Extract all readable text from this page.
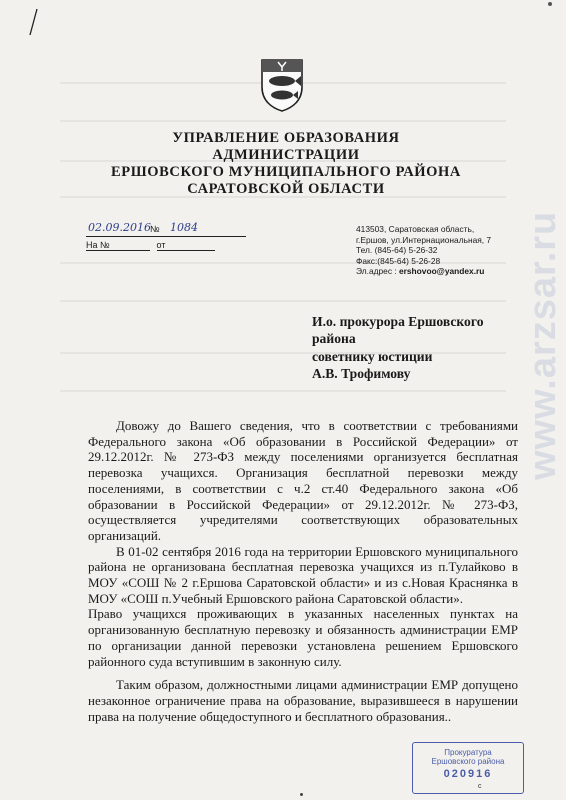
УПРАВЛЕНИЕ ОБРАЗОВАНИЯ
АДМИНИСТРАЦИИ
ЕРШОВСКОГО МУНИЦИПАЛЬНОГО РАЙОНА
САРАТОВСКОЙ ОБЛАСТИ
02.09.2016 № 1084
На №	от
413503, Саратовская область,
г.Ершов, ул.Интернациональная, 7
Тел. (845-64) 5-26-32
Факс:(845-64) 5-26-28
Эл.адрес : ershovoo@yandex.ru
И.о. прокурора Ершовского
района
советнику юстиции
А.В. Трофимову

Довожу до Вашего сведения, что в соответствии с требованиями Федерального закона «Об образовании в Российской Федерации» от 29.12.2012г. № 273-ФЗ между поселениями организуется бесплатная перевозка учащихся. Организация бесплатной перевозки между поселениями, в соответствии с ч.2 ст.40 Федерального закона «Об образовании в Российской Федерации» от 29.12.2012г. № 273-ФЗ, осуществляется учредителями соответствующих образовательных организаций.

В 01-02 сентября 2016 года на территории Ершовского муниципального района не организована бесплатная перевозка учащихся из п.Тулайково в МОУ «СОШ № 2 г.Ершова Саратовской области» и из с.Новая Краснянка в МОУ «СОШ п.Учебный Ершовского района Саратовской области».

Право учащихся проживающих в указанных населенных пунктах на организованную бесплатную перевозку и обязанность администрации ЕМР по организации данной перевозки установлена решением Ершовского районного суда вступившим в законную силу.

Таким образом, должностными лицами администрации ЕМР допущено незаконное ограничение права на образование, выразившееся в нарушении права на получение общедоступного и бесплатного образования..

www.arzsar.ru
Прокуратура
Ершовского района
020916
с
